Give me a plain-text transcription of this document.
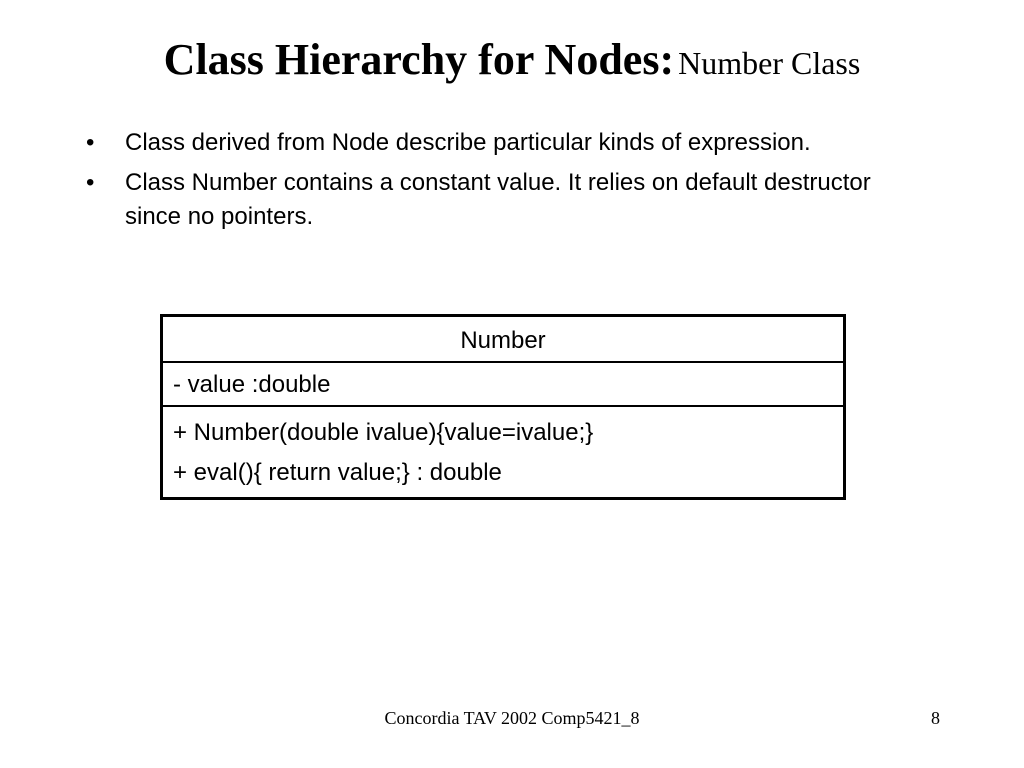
Class Hierarchy for Nodes: Number Class
• Class derived from Node describe particular kinds of expression.
• Class Number contains a constant value. It relies on default destructor since no pointers.
Number
- value :double
+ Number(double ivalue){value=ivalue;}
+ eval(){ return value;} : double
Concordia TAV 2002 Comp5421_8	8
